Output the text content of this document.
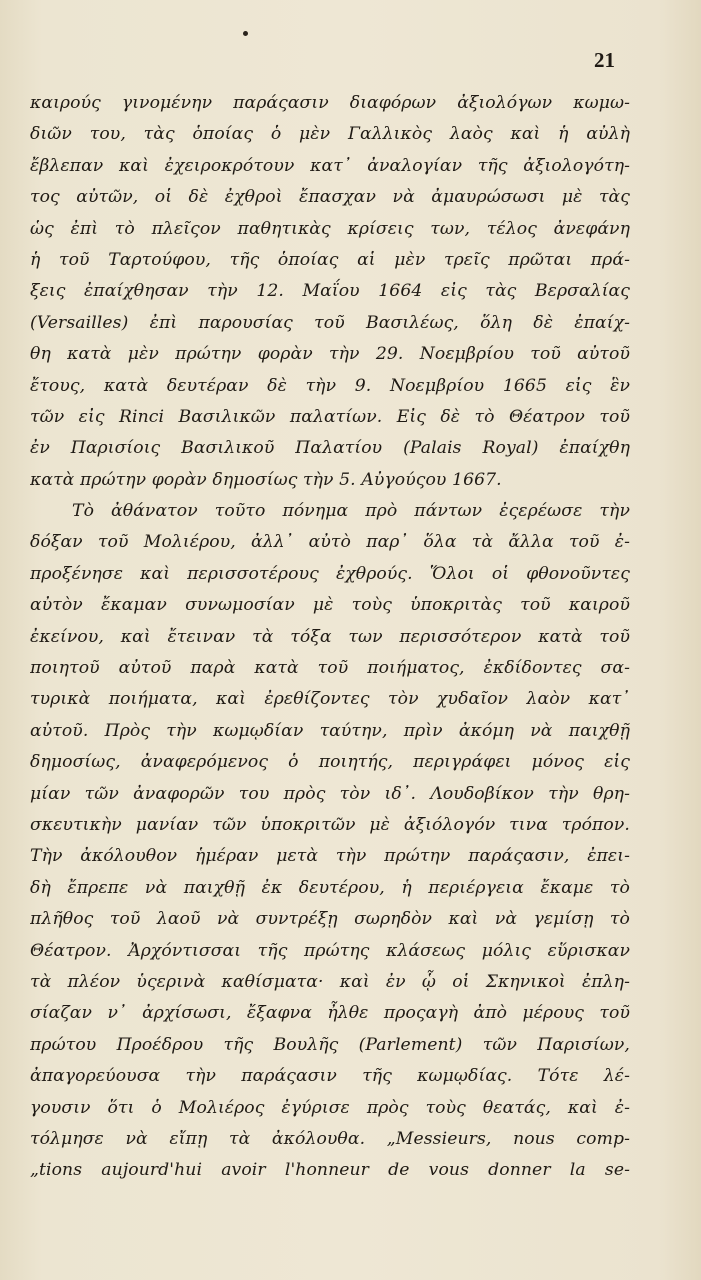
21
καιρούς γινομένην παράςασιν διαφόρων ἀξιολόγων κωμω-
διῶν του, τὰς ὁποίας ὁ μὲν Γαλλικὸς λαὸς καὶ ἡ αὐλὴ
ἔβλεπαν καὶ ἐχειροκρότουν κατ᾽ ἀναλογίαν τῆς ἀξιολογότη-
τος αὐτῶν, οἱ δὲ ἐχθροὶ ἔπασχαν νὰ ἀμαυρώσωσι μὲ τὰς
ὡς ἐπὶ τὸ πλεῖςον παθητικὰς κρίσεις των, τέλος ἀνεφάνη
ἡ τοῦ Ταρτούφου, τῆς ὁποίας αἱ μὲν τρεῖς πρῶται πρά-
ξεις ἐπαίχθησαν τὴν 12. Μαΐου 1664 εἰς τὰς Βερσαλίας
(Versailles) ἐπὶ παρουσίας τοῦ Βασιλέως, ὅλη δὲ ἐπαίχ-
θη κατὰ μὲν πρώτην φορὰν τὴν 29. Νοεμβρίου τοῦ αὐτοῦ
ἔτους, κατὰ δευτέραν δὲ τὴν 9. Νοεμβρίου 1665 εἰς ἓν
τῶν εἰς Rinci Βασιλικῶν παλατίων. Εἰς δὲ τὸ Θέατρον τοῦ
ἐν Παρισίοις Βασιλικοῦ Παλατίου (Palais Royal) ἐπαίχθη
κατὰ πρώτην φορὰν δημοσίως τὴν 5. Αὐγούςου 1667.
Τὸ ἀθάνατον τοῦτο πόνημα πρὸ πάντων ἐςερέωσε τὴν
δόξαν τοῦ Μολιέρου, ἀλλ᾽ αὐτὸ παρ᾽ ὅλα τὰ ἄλλα τοῦ ἐ-
προξένησε καὶ περισσοτέρους ἐχθρούς. Ὅλοι οἱ φθονοῦντες
αὐτὸν ἔκαμαν συνωμοσίαν μὲ τοὺς ὑποκριτὰς τοῦ καιροῦ
ἐκείνου, καὶ ἔτειναν τὰ τόξα των περισσότερον κατὰ τοῦ
ποιητοῦ αὐτοῦ παρὰ κατὰ τοῦ ποιήματος, ἐκδίδοντες σα-
τυρικὰ ποιήματα, καὶ ἐρεθίζοντες τὸν χυδαῖον λαὸν κατ᾽
αὐτοῦ. Πρὸς τὴν κωμῳδίαν ταύτην, πρὶν ἀκόμη νὰ παιχθῇ
δημοσίως, ἀναφερόμενος ὁ ποιητής, περιγράφει μόνος εἰς
μίαν τῶν ἀναφορῶν του πρὸς τὸν ιδ᾽. Λουδοβίκον τὴν θρη-
σκευτικὴν μανίαν τῶν ὑποκριτῶν μὲ ἀξιόλογόν τινα τρόπον.
Τὴν ἀκόλουθον ἡμέραν μετὰ τὴν πρώτην παράςασιν, ἐπει-
δὴ ἔπρεπε νὰ παιχθῇ ἐκ δευτέρου, ἡ περιέργεια ἔκαμε τὸ
πλῆθος τοῦ λαοῦ νὰ συντρέξῃ σωρηδὸν καὶ νὰ γεμίσῃ τὸ
Θέατρον. Ἀρχόντισσαι τῆς πρώτης κλάσεως μόλις εὕρισκαν
τὰ πλέον ὑςερινὰ καθίσματα· καὶ ἐν ᾧ οἱ Σκηνικοὶ ἐπλη-
σίαζαν ν᾽ ἀρχίσωσι, ἔξαφνα ἦλθε προςαγὴ ἀπὸ μέρους τοῦ
πρώτου Προέδρου τῆς Βουλῆς (Parlement) τῶν Παρισίων,
ἀπαγορεύουσα τὴν παράςασιν τῆς κωμῳδίας. Τότε λέ-
γουσιν ὅτι ὁ Μολιέρος ἐγύρισε πρὸς τοὺς θεατάς, καὶ ἐ-
τόλμησε νὰ εἴπῃ τὰ ἀκόλουθα. „Messieurs, nous comp-
„tions aujourd'hui avoir l'honneur de vous donner la se-
